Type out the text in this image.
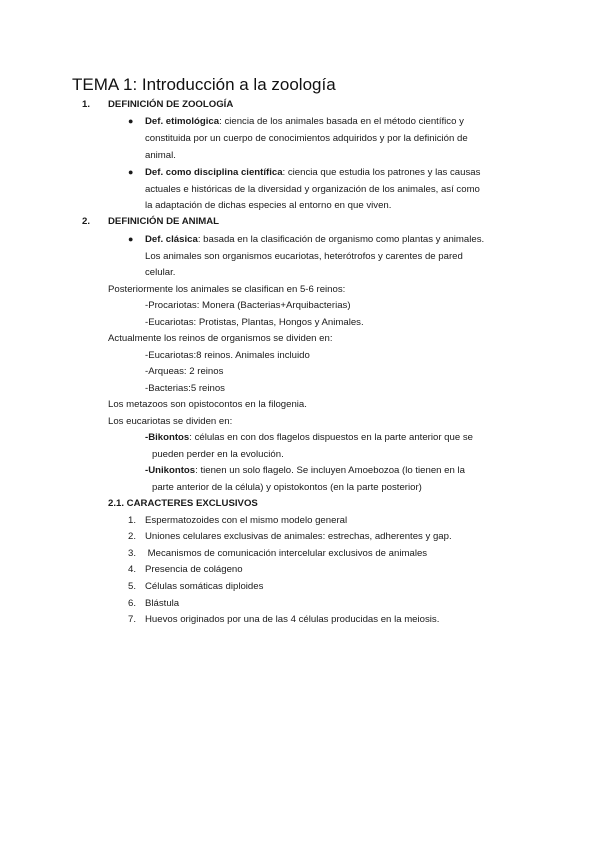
TEMA 1: Introducción a la zoología
1. DEFINICIÓN DE ZOOLOGÍA
● Def. etimológica: ciencia de los animales basada en el método científico y
constituida por un cuerpo de conocimientos adquiridos y por la definición de
animal.
● Def. como disciplina científica: ciencia que estudia los patrones y las causas
actuales e históricas de la diversidad y organización de los animales, así como
la adaptación de dichas especies al entorno en que viven.
2. DEFINICIÓN DE ANIMAL
● Def. clásica: basada en la clasificación de organismo como plantas y animales.
Los animales son organismos eucariotas, heterótrofos y carentes de pared
celular.
Posteriormente los animales se clasifican en 5-6 reinos:
-Procariotas: Monera (Bacterias+Arquibacterias)
-Eucariotas: Protistas, Plantas, Hongos y Animales.
Actualmente los reinos de organismos se dividen en:
-Eucariotas:8 reinos. Animales incluido
-Arqueas: 2 reinos
-Bacterias:5 reinos
Los metazoos son opistocontos en la filogenia.
Los eucariotas se dividen en:
-Bikontos: células en con dos flagelos dispuestos en la parte anterior que se
pueden perder en la evolución.
-Unikontos: tienen un solo flagelo. Se incluyen Amoebozoa (lo tienen en la
parte anterior de la célula) y opistokontos (en la parte posterior)
2.1. CARACTERES EXCLUSIVOS
1. Espermatozoides con el mismo modelo general
2. Uniones celulares exclusivas de animales: estrechas, adherentes y gap.
3. Mecanismos de comunicación intercelular exclusivos de animales
4. Presencia de colágeno
5. Células somáticas diploides
6. Blástula
7. Huevos originados por una de las 4 células producidas en la meiosis.
